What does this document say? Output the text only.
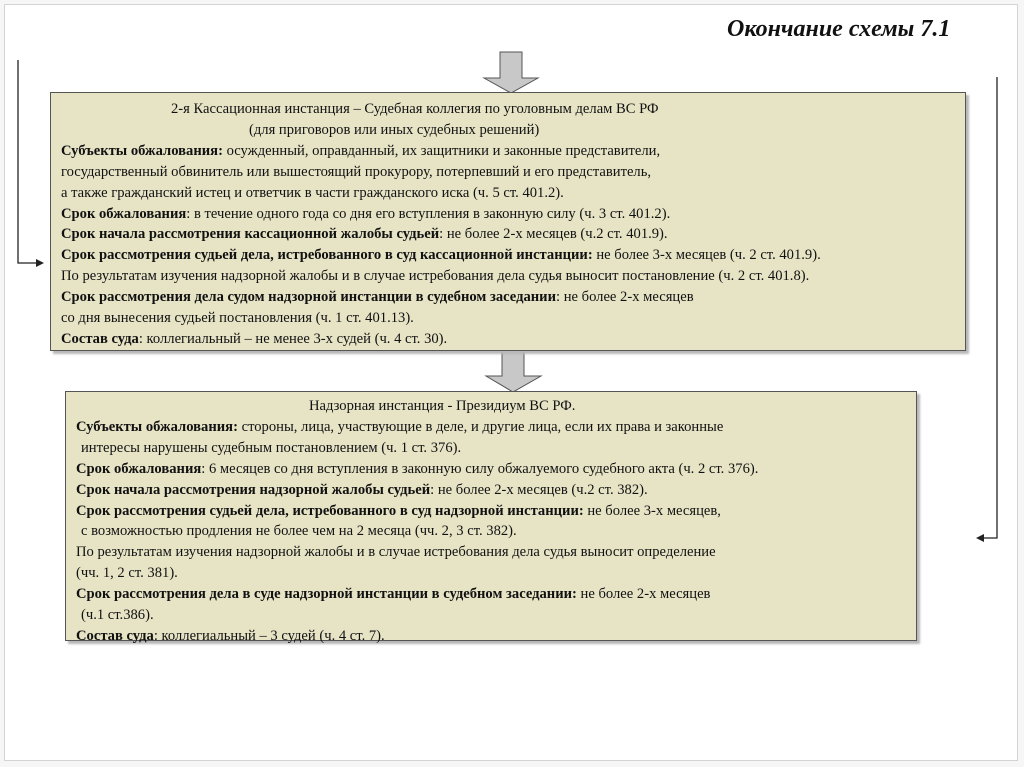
Окончание схемы 7.1
2-я Кассационная инстанция – Судебная коллегия по уголовным делам ВС РФ
(для приговоров или иных судебных решений)
Субъекты обжалования: осужденный, оправданный, их защитники и законные представители,
государственный обвинитель или вышестоящий прокурору, потерпевший и его представитель,
а также гражданский истец и ответчик в части гражданского иска (ч. 5 ст. 401.2).
Срок обжалования: в течение одного года со дня его вступления в законную силу (ч. 3 ст. 401.2).
Срок начала рассмотрения кассационной жалобы судьей: не более 2-х месяцев (ч.2 ст. 401.9).
Срок рассмотрения судьей дела, истребованного в суд кассационной инстанции: не более 3-х месяцев (ч. 2 ст. 401.9).
По результатам изучения надзорной жалобы и в случае истребования дела судья выносит постановление (ч. 2 ст. 401.8).
Срок рассмотрения дела судом надзорной инстанции в судебном заседании: не более 2-х месяцев
со дня вынесения судьей постановления (ч. 1 ст. 401.13).
Состав суда: коллегиальный – не менее 3-х судей (ч. 4 ст. 30).
Надзорная инстанция - Президиум ВС РФ.
Субъекты обжалования: стороны, лица, участвующие в деле, и другие лица, если их права и законные
интересы нарушены судебным постановлением (ч. 1 ст. 376).
Срок обжалования: 6 месяцев со дня вступления в законную силу обжалуемого судебного акта (ч. 2 ст. 376).
Срок начала рассмотрения надзорной жалобы судьей: не более 2-х месяцев (ч.2 ст. 382).
Срок рассмотрения судьей дела, истребованного в суд надзорной инстанции: не более 3-х месяцев,
с возможностью продления не более чем на 2 месяца (чч. 2, 3 ст. 382).
По результатам изучения надзорной жалобы и в случае истребования дела судья выносит определение
(чч. 1, 2 ст. 381).
Срок рассмотрения дела в суде надзорной инстанции в судебном заседании: не более 2-х месяцев
(ч.1 ст.386).
Состав суда: коллегиальный – 3 судей (ч. 4 ст. 7).
